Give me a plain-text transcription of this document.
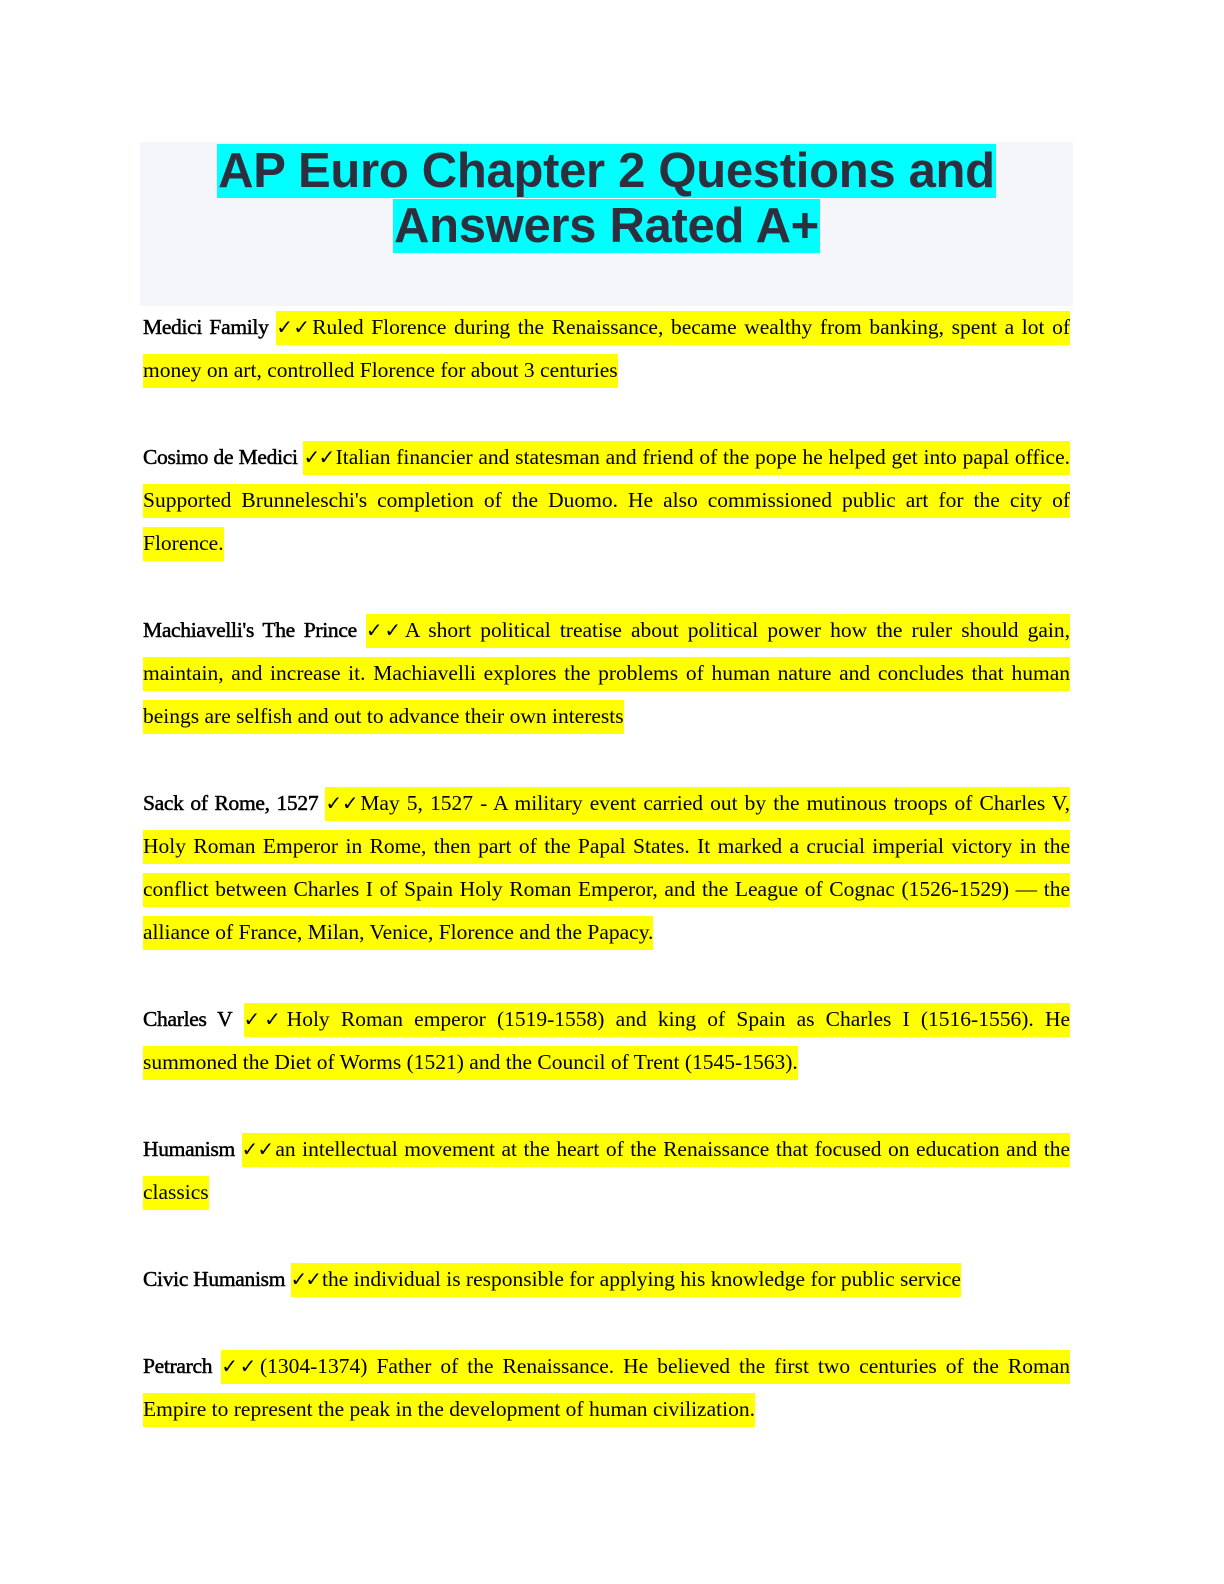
AP Euro Chapter 2 Questions and
Answers Rated A+

Medici Family ✓✓Ruled Florence during the Renaissance, became wealthy from banking, spent a lot of money on art, controlled Florence for about 3 centuries

Cosimo de Medici ✓✓Italian financier and statesman and friend of the pope he helped get into papal office. Supported Brunneleschi's completion of the Duomo. He also commissioned public art for the city of Florence.

Machiavelli's The Prince ✓✓A short political treatise about political power how the ruler should gain, maintain, and increase it. Machiavelli explores the problems of human nature and concludes that human beings are selfish and out to advance their own interests

Sack of Rome, 1527 ✓✓May 5, 1527 - A military event carried out by the mutinous troops of Charles V, Holy Roman Emperor in Rome, then part of the Papal States. It marked a crucial imperial victory in the conflict between Charles I of Spain Holy Roman Emperor, and the League of Cognac (1526-1529) — the alliance of France, Milan, Venice, Florence and the Papacy.

Charles V ✓✓Holy Roman emperor (1519-1558) and king of Spain as Charles I (1516-1556). He summoned the Diet of Worms (1521) and the Council of Trent (1545-1563).

Humanism ✓✓an intellectual movement at the heart of the Renaissance that focused on education and the classics

Civic Humanism ✓✓the individual is responsible for applying his knowledge for public service

Petrarch ✓✓(1304-1374) Father of the Renaissance. He believed the first two centuries of the Roman Empire to represent the peak in the development of human civilization.
